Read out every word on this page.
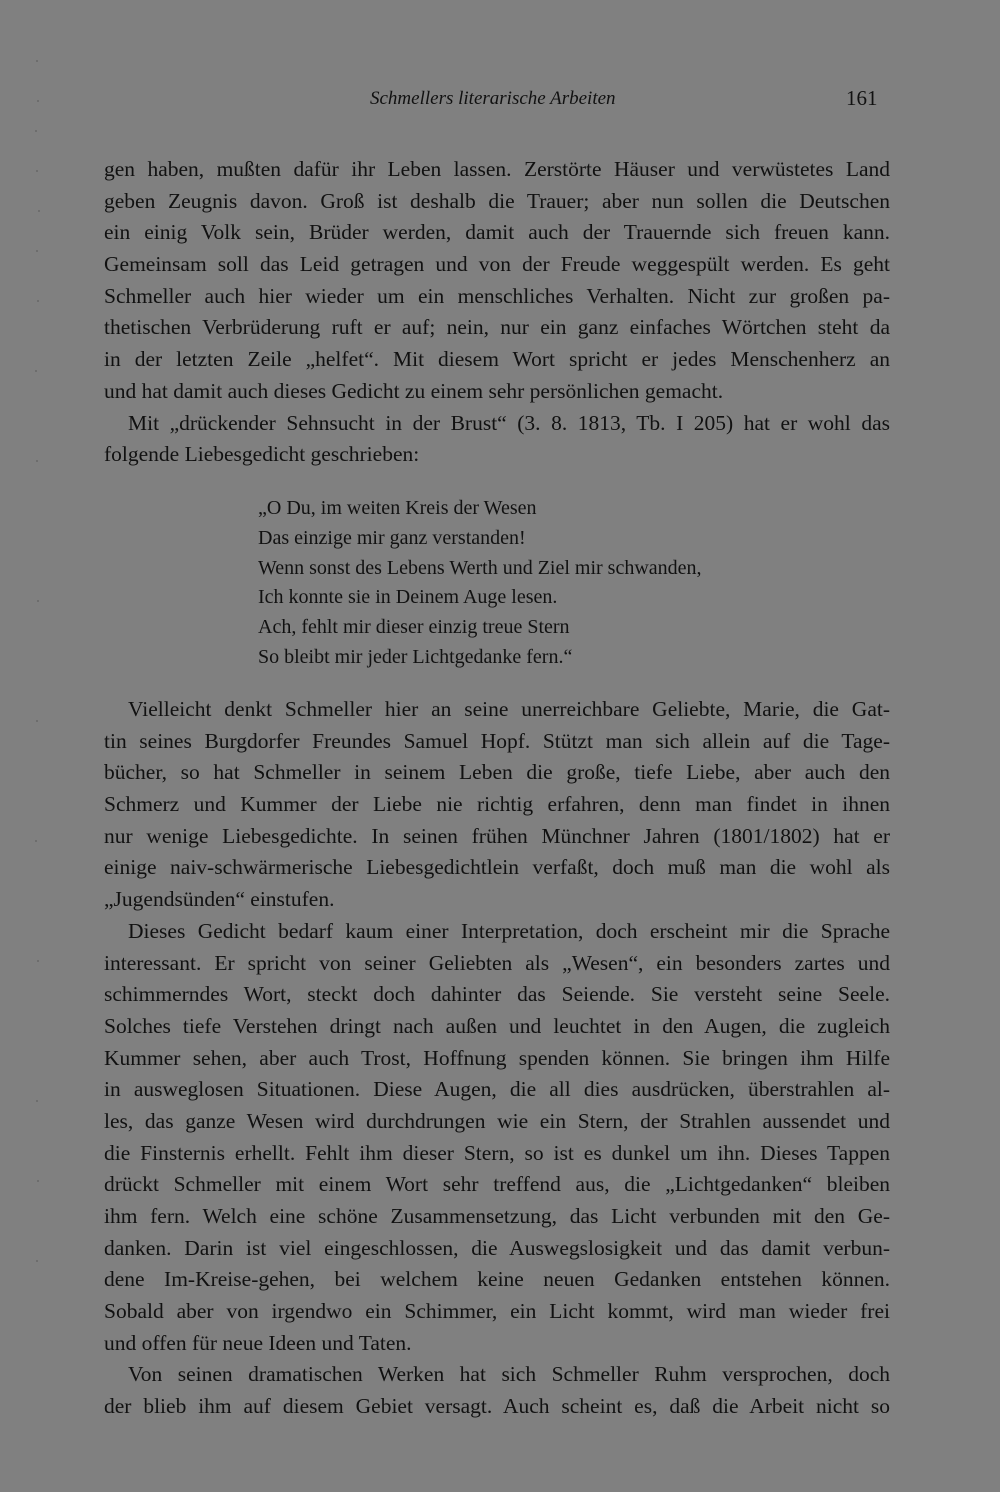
Schmellers literarische Arbeiten	161
gen haben, mußten dafür ihr Leben lassen. Zerstörte Häuser und verwüstetes Land
geben Zeugnis davon. Groß ist deshalb die Trauer; aber nun sollen die Deutschen
ein einig Volk sein, Brüder werden, damit auch der Trauernde sich freuen kann.
Gemeinsam soll das Leid getragen und von der Freude weggespült werden. Es geht
Schmeller auch hier wieder um ein menschliches Verhalten. Nicht zur großen pa-
thetischen Verbrüderung ruft er auf; nein, nur ein ganz einfaches Wörtchen steht da
in der letzten Zeile „helfet“. Mit diesem Wort spricht er jedes Menschenherz an
und hat damit auch dieses Gedicht zu einem sehr persönlichen gemacht.
Mit „drückender Sehnsucht in der Brust“ (3. 8. 1813, Tb. I 205) hat er wohl das
folgende Liebesgedicht geschrieben:
„O Du, im weiten Kreis der Wesen
Das einzige mir ganz verstanden!
Wenn sonst des Lebens Werth und Ziel mir schwanden,
Ich konnte sie in Deinem Auge lesen.
Ach, fehlt mir dieser einzig treue Stern
So bleibt mir jeder Lichtgedanke fern.“
Vielleicht denkt Schmeller hier an seine unerreichbare Geliebte, Marie, die Gat-
tin seines Burgdorfer Freundes Samuel Hopf. Stützt man sich allein auf die Tage-
bücher, so hat Schmeller in seinem Leben die große, tiefe Liebe, aber auch den
Schmerz und Kummer der Liebe nie richtig erfahren, denn man findet in ihnen
nur wenige Liebesgedichte. In seinen frühen Münchner Jahren (1801/1802) hat er
einige naiv-schwärmerische Liebesgedichtlein verfaßt, doch muß man die wohl als
„Jugendsünden“ einstufen.
Dieses Gedicht bedarf kaum einer Interpretation, doch erscheint mir die Sprache
interessant. Er spricht von seiner Geliebten als „Wesen“, ein besonders zartes und
schimmerndes Wort, steckt doch dahinter das Seiende. Sie versteht seine Seele.
Solches tiefe Verstehen dringt nach außen und leuchtet in den Augen, die zugleich
Kummer sehen, aber auch Trost, Hoffnung spenden können. Sie bringen ihm Hilfe
in ausweglosen Situationen. Diese Augen, die all dies ausdrücken, überstrahlen al-
les, das ganze Wesen wird durchdrungen wie ein Stern, der Strahlen aussendet und
die Finsternis erhellt. Fehlt ihm dieser Stern, so ist es dunkel um ihn. Dieses Tappen
drückt Schmeller mit einem Wort sehr treffend aus, die „Lichtgedanken“ bleiben
ihm fern. Welch eine schöne Zusammensetzung, das Licht verbunden mit den Ge-
danken. Darin ist viel eingeschlossen, die Auswegslosigkeit und das damit verbun-
dene Im-Kreise-gehen, bei welchem keine neuen Gedanken entstehen können.
Sobald aber von irgendwo ein Schimmer, ein Licht kommt, wird man wieder frei
und offen für neue Ideen und Taten.
Von seinen dramatischen Werken hat sich Schmeller Ruhm versprochen, doch
der blieb ihm auf diesem Gebiet versagt. Auch scheint es, daß die Arbeit nicht so
